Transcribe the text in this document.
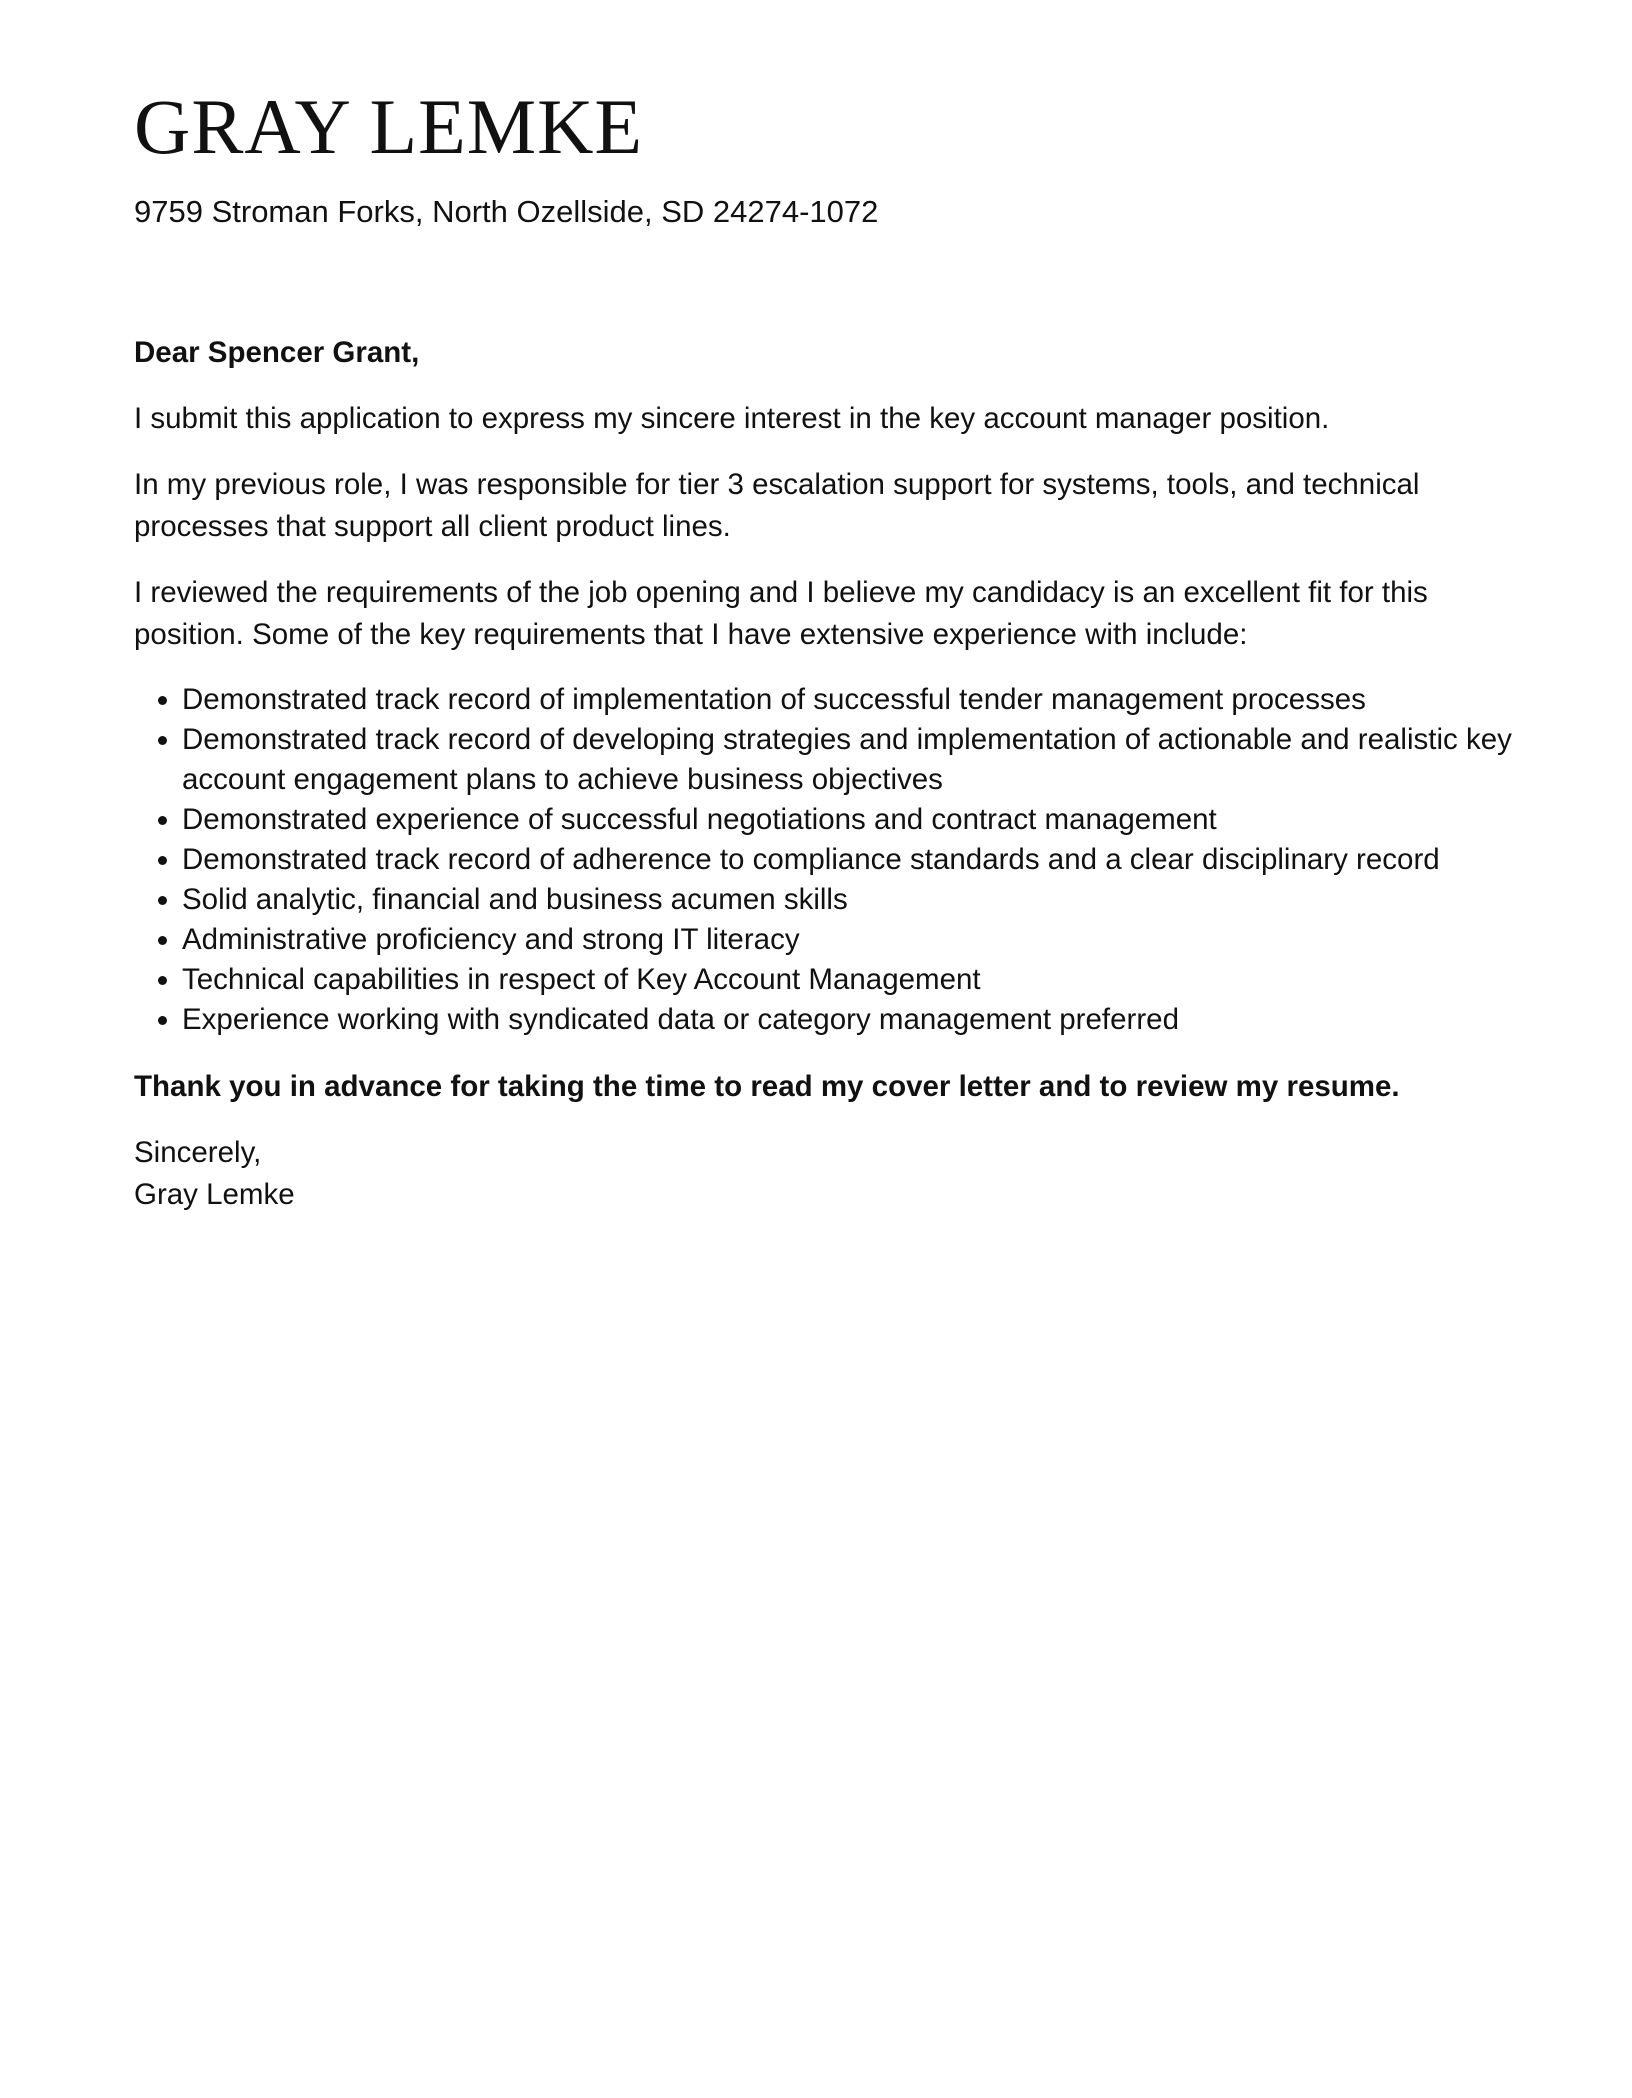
GRAY LEMKE
9759 Stroman Forks, North Ozellside, SD 24274-1072

Dear Spencer Grant,

I submit this application to express my sincere interest in the key account manager position.

In my previous role, I was responsible for tier 3 escalation support for systems, tools, and technical processes that support all client product lines.

I reviewed the requirements of the job opening and I believe my candidacy is an excellent fit for this position. Some of the key requirements that I have extensive experience with include:

• Demonstrated track record of implementation of successful tender management processes
• Demonstrated track record of developing strategies and implementation of actionable and realistic key account engagement plans to achieve business objectives
• Demonstrated experience of successful negotiations and contract management
• Demonstrated track record of adherence to compliance standards and a clear disciplinary record
• Solid analytic, financial and business acumen skills
• Administrative proficiency and strong IT literacy
• Technical capabilities in respect of Key Account Management
• Experience working with syndicated data or category management preferred

Thank you in advance for taking the time to read my cover letter and to review my resume.

Sincerely,

Gray Lemke
